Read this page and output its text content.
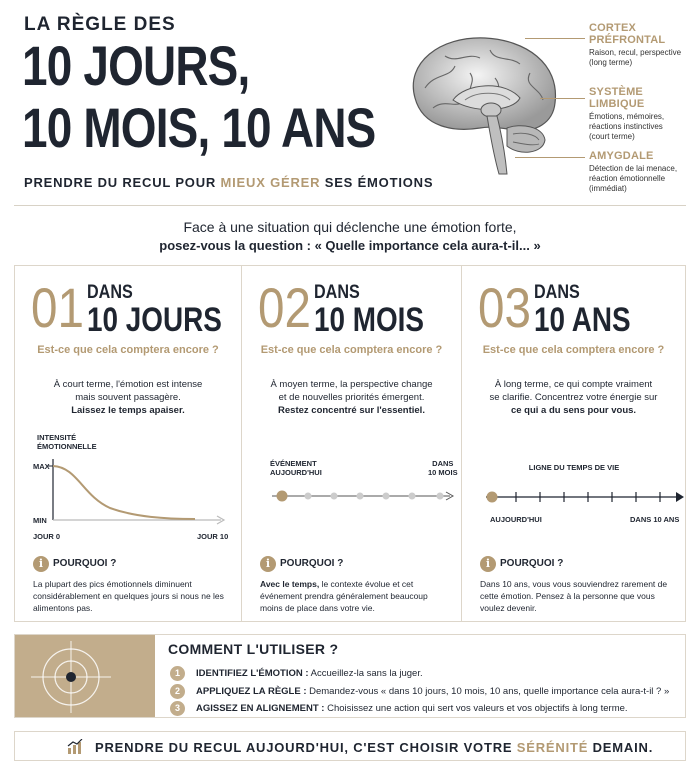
LA RÈGLE DES
10 JOURS,
10 MOIS, 10 ANS
PRENDRE DU RECUL POUR MIEUX GÉRER SES ÉMOTIONS
CORTEX PRÉFRONTAL
Raison, recul, perspective
(long terme)
SYSTÈME LIMBIQUE
Émotions, mémoires,
réactions instinctives
(court terme)
AMYGDALE
Détection de lai menace,
réaction émotionnelle
(immédiat)
Face à une situation qui déclenche une émotion forte,
posez-vous la question : « Quelle importance cela aura-t-il... »
01 DANS
10 JOURS
Est-ce que cela comptera encore ?
À court terme, l'émotion est intense
mais souvent passagère.
Laissez le temps apaiser.
INTENSITÉ
ÉMOTIONNELLE
MAX
MIN
JOUR 0	JOUR 10
i POURQUOI ?
La plupart des pics émotionnels diminuent considérablement en quelques jours si nous ne les alimentons pas.
02 DANS
10 MOIS
Est-ce que cela comptera encore ?
À moyen terme, la perspective change
et de nouvelles priorités émergent.
Restez concentré sur l'essentiel.
ÉVÉNEMENT
AUJOURD'HUI
DANS
10 MOIS
i POURQUOI ?
Avec le temps, le contexte évolue et cet événement prendra généralement beaucoup moins de place dans votre vie.
03 DANS
10 ANS
Est-ce que cela comptera encore ?
À long terme, ce qui compte vraiment
se clarifie. Concentrez votre énergie sur
ce qui a du sens pour vous.
LIGNE DU TEMPS DE VIE
AUJOURD'HUI	DANS 10 ANS
i POURQUOI ?
Dans 10 ans, vous vous souviendrez rarement de cette émotion. Pensez à la personne que vous voulez devenir.
COMMENT L'UTILISER ?
1	IDENTIFIEZ L'ÉMOTION : Accueillez-la sans la juger.
2	APPLIQUEZ LA RÈGLE : Demandez-vous « dans 10 jours, 10 mois, 10 ans, quelle importance cela aura-t-il ? »
3	AGISSEZ EN ALIGNEMENT : Choisissez une action qui sert vos valeurs et vos objectifs à long terme.
PRENDRE DU RECUL AUJOURD'HUI, C'EST CHOISIR VOTRE SÉRÉNITÉ DEMAIN.
